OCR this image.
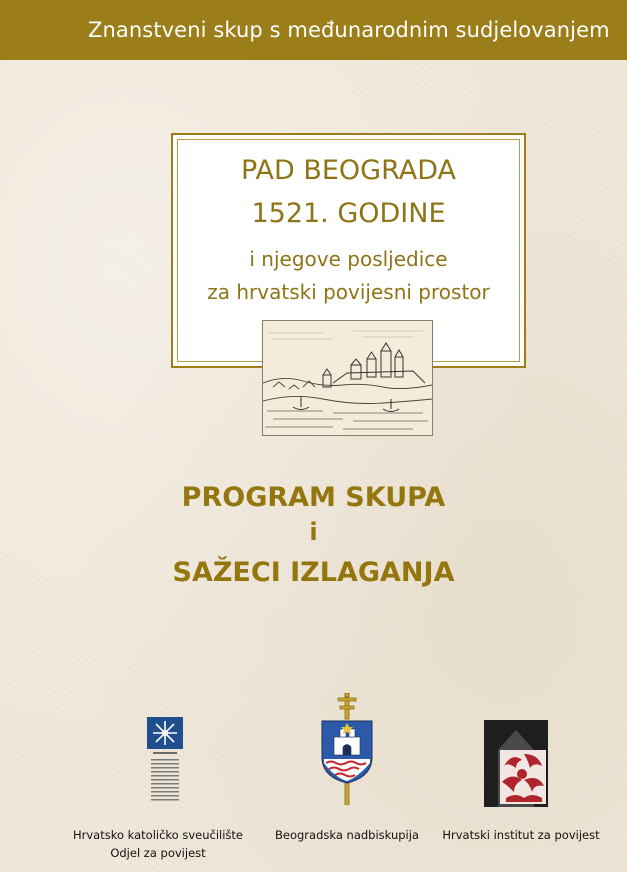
Znanstveni skup s međunarodnim sudjelovanjem
PAD BEOGRADA
1521. GODINE
i njegove posljedice
za hrvatski povijesni prostor
PROGRAM SKUPA
i
SAŽECI IZLAGANJA
Hrvatsko katoličko sveučilište
Odjel za povijest
Beogradska nadbiskupija	Hrvatski institut za povijest
